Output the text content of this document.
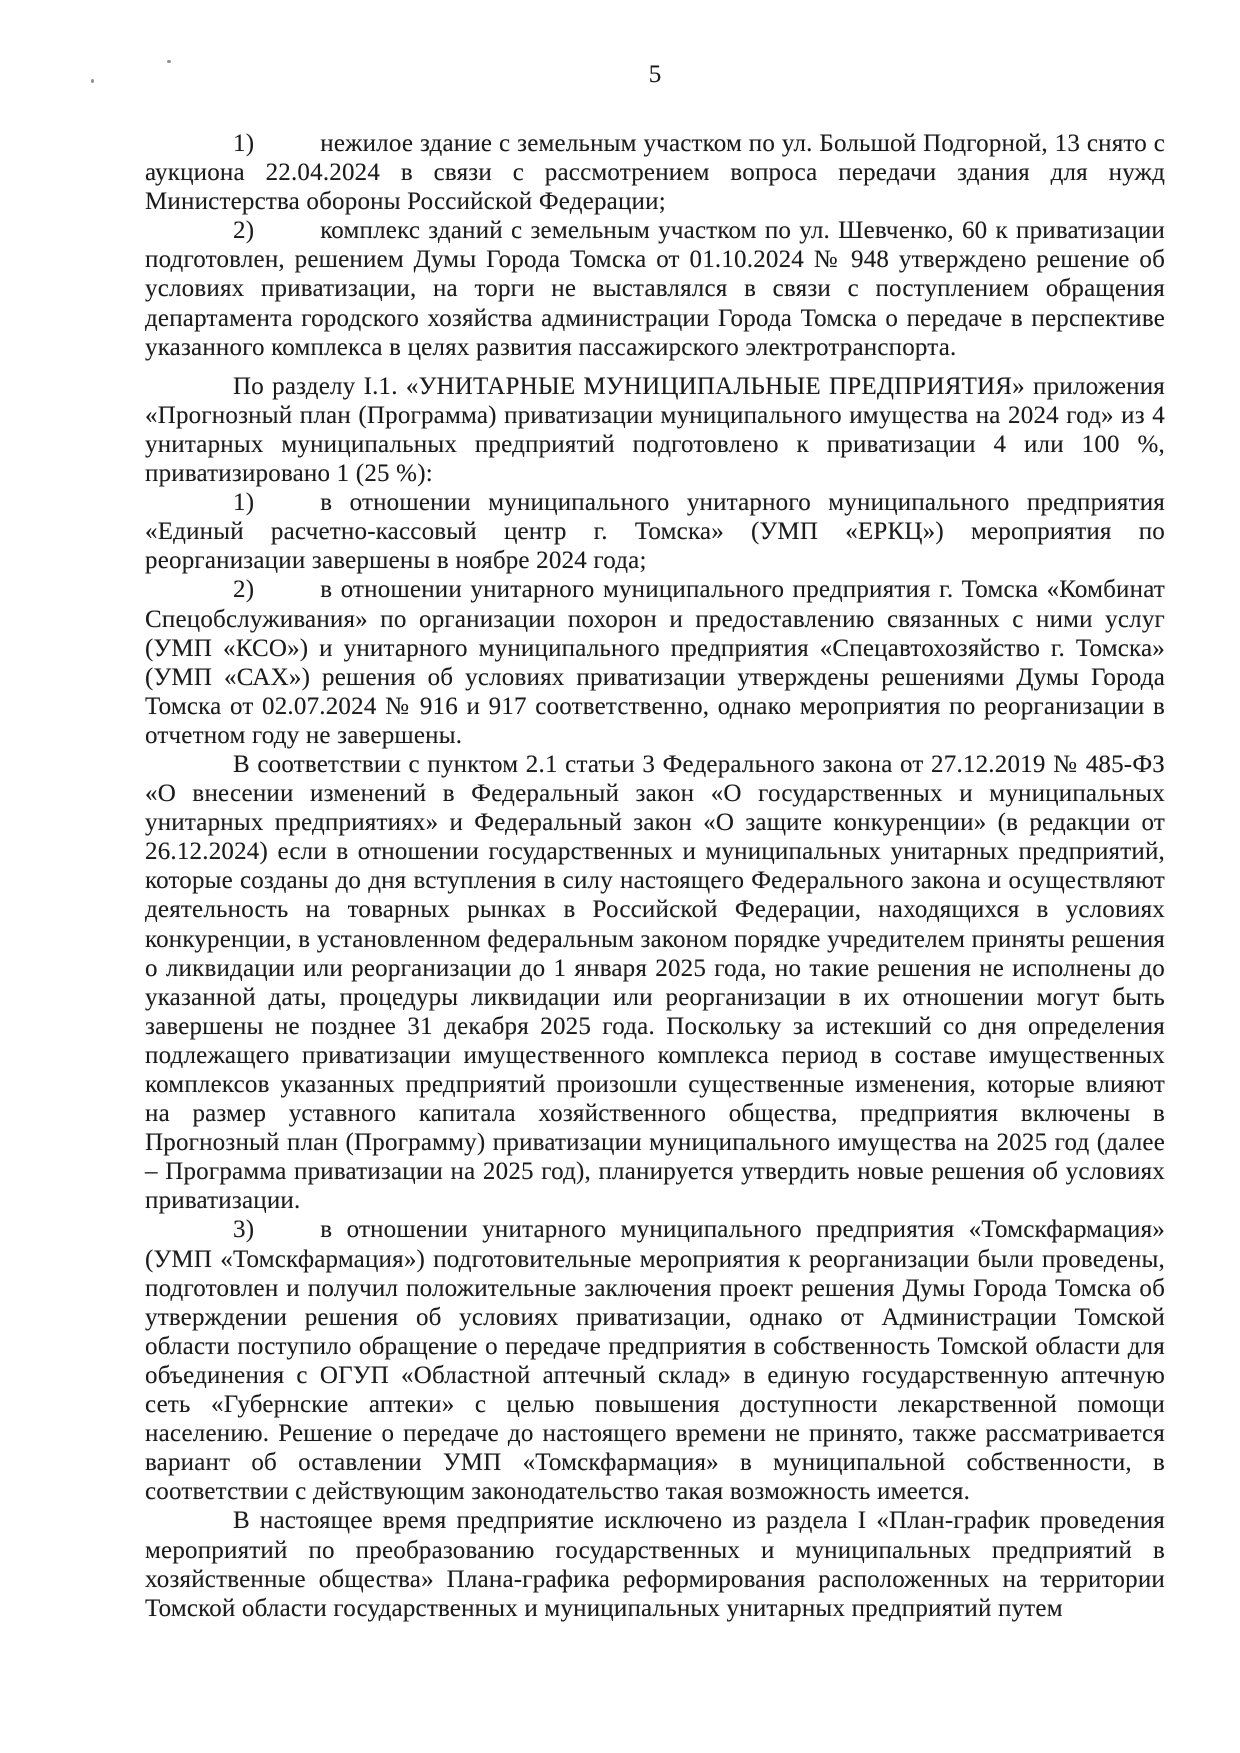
5

1)	нежилое здание с земельным участком по ул. Большой Подгорной, 13 снято с аукциона 22.04.2024 в связи с рассмотрением вопроса передачи здания для нужд Министерства обороны Российской Федерации;

2)	комплекс зданий с земельным участком по ул. Шевченко, 60 к приватизации подготовлен, решением Думы Города Томска от 01.10.2024 № 948 утверждено решение об условиях приватизации, на торги не выставлялся в связи с поступлением обращения департамента городского хозяйства администрации Города Томска о передаче в перспективе указанного комплекса в целях развития пассажирского электротранспорта.

По разделу I.1. «УНИТАРНЫЕ МУНИЦИПАЛЬНЫЕ ПРЕДПРИЯТИЯ» приложения «Прогнозный план (Программа) приватизации муниципального имущества на 2024 год» из 4 унитарных муниципальных предприятий подготовлено к приватизации 4 или 100 %, приватизировано 1 (25 %):

1)	в отношении муниципального унитарного муниципального предприятия «Единый расчетно-кассовый центр г. Томска» (УМП «ЕРКЦ») мероприятия по реорганизации завершены в ноябре 2024 года;

2)	в отношении унитарного муниципального предприятия г. Томска «Комбинат Спецобслуживания» по организации похорон и предоставлению связанных с ними услуг (УМП «КСО») и унитарного муниципального предприятия «Спецавтохозяйство г. Томска» (УМП «САХ») решения об условиях приватизации утверждены решениями Думы Города Томска от 02.07.2024 № 916 и 917 соответственно, однако мероприятия по реорганизации в отчетном году не завершены.

В соответствии с пунктом 2.1 статьи 3 Федерального закона от 27.12.2019 № 485-ФЗ «О внесении изменений в Федеральный закон «О государственных и муниципальных унитарных предприятиях» и Федеральный закон «О защите конкуренции» (в редакции от 26.12.2024) если в отношении государственных и муниципальных унитарных предприятий, которые созданы до дня вступления в силу настоящего Федерального закона и осуществляют деятельность на товарных рынках в Российской Федерации, находящихся в условиях конкуренции, в установленном федеральным законом порядке учредителем приняты решения о ликвидации или реорганизации до 1 января 2025 года, но такие решения не исполнены до указанной даты, процедуры ликвидации или реорганизации в их отношении могут быть завершены не позднее 31 декабря 2025 года. Поскольку за истекший со дня определения подлежащего приватизации имущественного комплекса период в составе имущественных комплексов указанных предприятий произошли существенные изменения, которые влияют на размер уставного капитала хозяйственного общества, предприятия включены в Прогнозный план (Программу) приватизации муниципального имущества на 2025 год (далее – Программа приватизации на 2025 год), планируется утвердить новые решения об условиях приватизации.

3)	в отношении унитарного муниципального предприятия «Томскфармация» (УМП «Томскфармация») подготовительные мероприятия к реорганизации были проведены, подготовлен и получил положительные заключения проект решения Думы Города Томска об утверждении решения об условиях приватизации, однако от Администрации Томской области поступило обращение о передаче предприятия в собственность Томской области для объединения с ОГУП «Областной аптечный склад» в единую государственную аптечную сеть «Губернские аптеки» с целью повышения доступности лекарственной помощи населению. Решение о передаче до настоящего времени не принято, также рассматривается вариант об оставлении УМП «Томскфармация» в муниципальной собственности, в соответствии с действующим законодательство такая возможность имеется.

В настоящее время предприятие исключено из раздела I «План-график проведения мероприятий по преобразованию государственных и муниципальных предприятий в хозяйственные общества» Плана-графика реформирования расположенных на территории Томской области государственных и муниципальных унитарных предприятий путем
